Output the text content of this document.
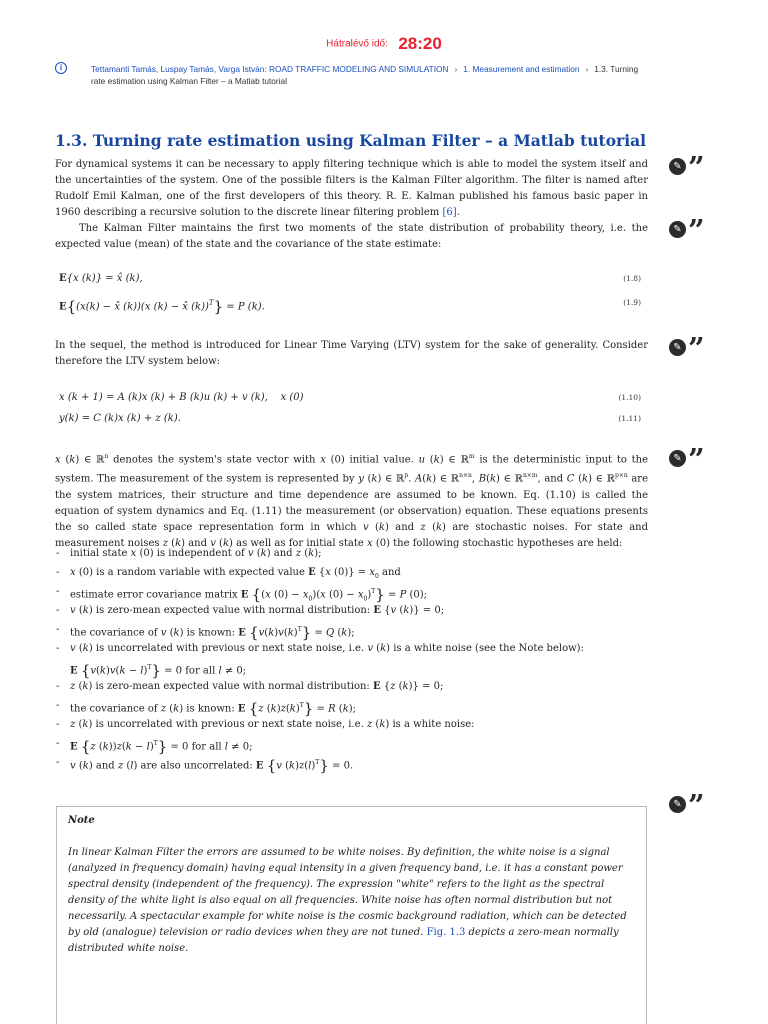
Hátralévő idő: 28:20
i	Tettamanti Tamás, Luspay Tamás, Varga István: ROAD TRAFFIC MODELING AND SIMULATION › 1. Measurement and estimation › 1.3. Turning
rate estimation using Kalman Filter – a Matlab tutorial
1.3. Turning rate estimation using Kalman Filter – a Matlab tutorial
For dynamical systems it can be necessary to apply filtering technique which is able to model the system itself and the uncertainties of the system. One of the possible filters is the Kalman Filter algorithm. The filter is named after Rudolf Emil Kalman, one of the first developers of this theory. R. E. Kalman published his famous basic paper in 1960 describing a recursive solution to the discrete linear filtering problem [6].
The Kalman Filter maintains the first two moments of the state distribution of probability theory, i.e. the expected value (mean) of the state and the covariance of the state estimate:
E{x (k)} = x̂ (k),	(1.8)
E{(x(k) − x̂ (k))(x (k) − x̂ (k))$^T$} = P (k).	(1.9)
In the sequel, the method is introduced for Linear Time Varying (LTV) system for the sake of generality. Consider therefore the LTV system below:
x (k + 1) = A (k)x (k) + B (k)u (k) + v (k),    x (0)	(1.10)
y(k) = C (k)x (k) + z (k).	(1.11)
x (k) ∈ ℝ$^n$ denotes the system's state vector with x (0) initial value. u (k) ∈ ℝ$^m$ is the deterministic input to the system. The measurement of the system is represented by y (k) ∈ ℝ$^p$. A(k) ∈ ℝ$^{n\times n}$, B(k) ∈ ℝ$^{n\times m}$, and C (k) ∈ ℝ$^{p\times n}$ are the system matrices, their structure and time dependence are assumed to be known. Eq. (1.10) is called the equation of system dynamics and Eq. (1.11) the measurement (or observation) equation. These equations presents the so called state space representation form in which v (k) and z (k) are stochastic noises. For state and measurement noises z (k) and v (k) as well as for initial state x (0) the following stochastic hypotheses are held:
- initial state x (0) is independent of v (k) and z (k);
- x (0) is a random variable with expected value E {x $(0)\} = x_0$ and
- estimate error covariance matrix E {(x $(0) - x_0)(x$ $(0) - x_0)^T\} = P$ (0);
- v (k) is zero-mean expected value with normal distribution: E {v (k)} = 0;
- the covariance of v (k) is known: E $\{v(k)v(k)^T\} = Q$ (k);
- v (k) is uncorrelated with previous or next state noise, i.e. v (k) is a white noise (see the Note below):
E $\{v(k)v(k - l)^T\} = 0$ for all l ≠ 0;
- z (k) is zero-mean expected value with normal distribution: E {z (k)} = 0;
- the covariance of z (k) is known: E {z $(k)z(k)^T\} = R$ (k);
- z (k) is uncorrelated with previous or next state noise, i.e. z (k) is a white noise:
- E {z $(k))z(k - l)^T\} = 0$ for all l ≠ 0;
- v (k) and z (l) are also uncorrelated: E {v $(k)z(l)^T\} = 0$.
✎ ”
✎ ”
✎ ”
✎ ”
✎ ”
Note
In linear Kalman Filter the errors are assumed to be white noises. By definition, the white noise is a signal (analyzed in frequency domain) having equal intensity in a given frequency band, i.e. it has a constant power spectral density (independent of the frequency). The expression "white" refers to the light as the spectral density of the white light is also equal on all frequencies. White noise has often normal distribution but not necessarily. A spectacular example for white noise is the cosmic background radiation, which can be detected by old (analogue) television or radio devices when they are not tuned. Fig. 1.3 depicts a zero-mean normally distributed white noise.
